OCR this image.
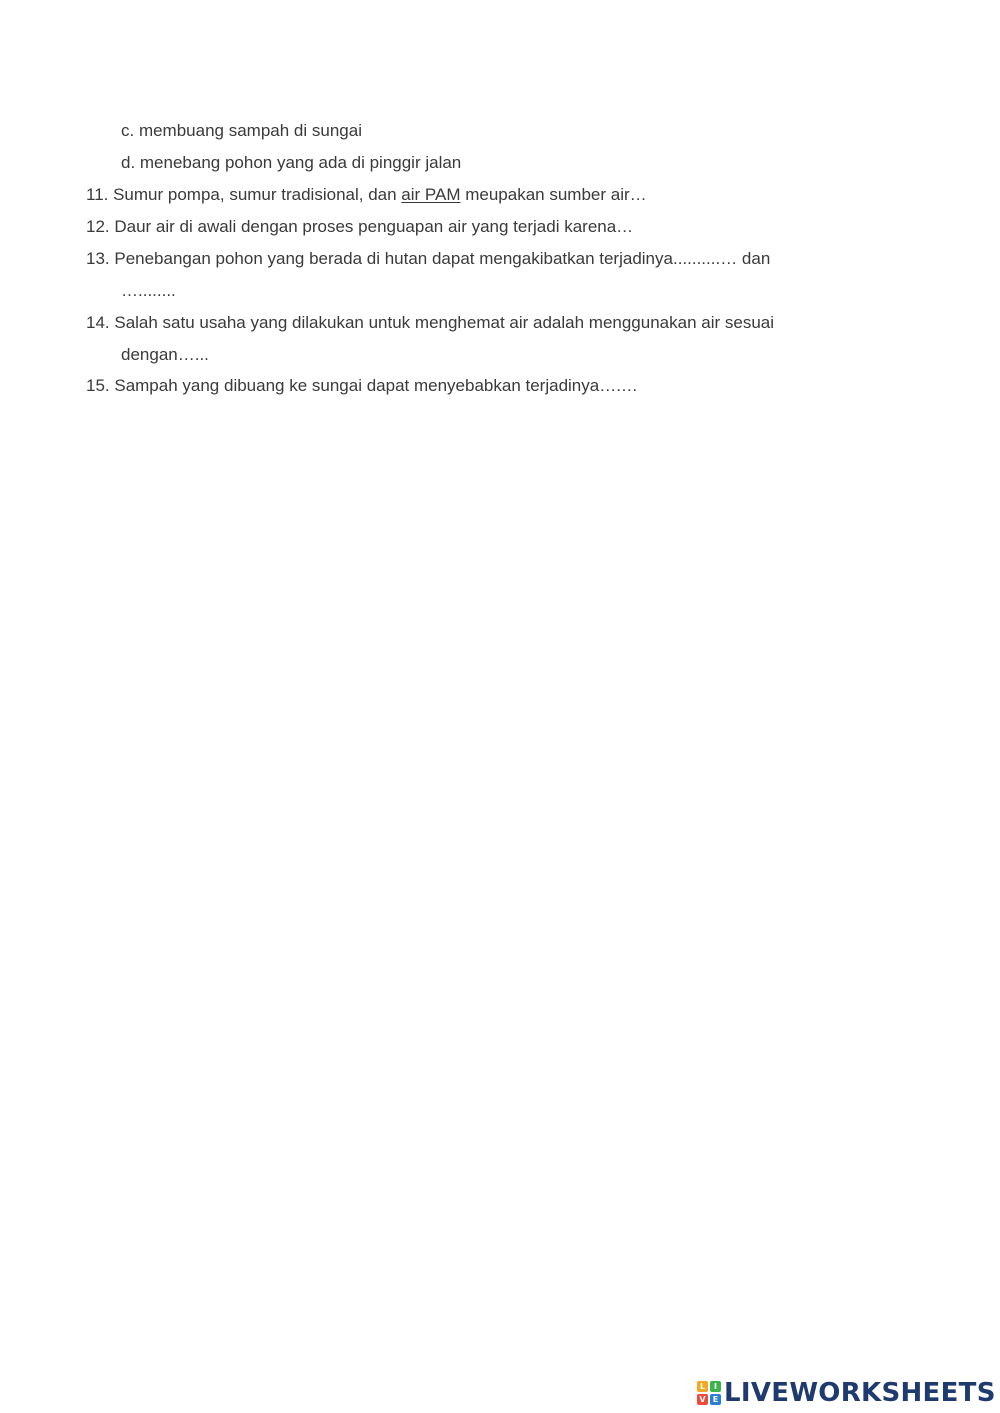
c. membuang sampah di sungai
d. menebang pohon yang ada di pinggir jalan
11. Sumur pompa, sumur tradisional, dan air PAM meupakan sumber air…
12. Daur air di awali dengan proses penguapan air yang terjadi karena…
13. Penebangan pohon yang berada di hutan dapat mengakibatkan terjadinya..........… dan
…........
14. Salah satu usaha yang dilakukan untuk menghemat air adalah menggunakan air sesuai
dengan…...
15. Sampah yang dibuang ke sungai dapat menyebabkan terjadinya….…
L	I
V E LIVEWORKSHEETS
